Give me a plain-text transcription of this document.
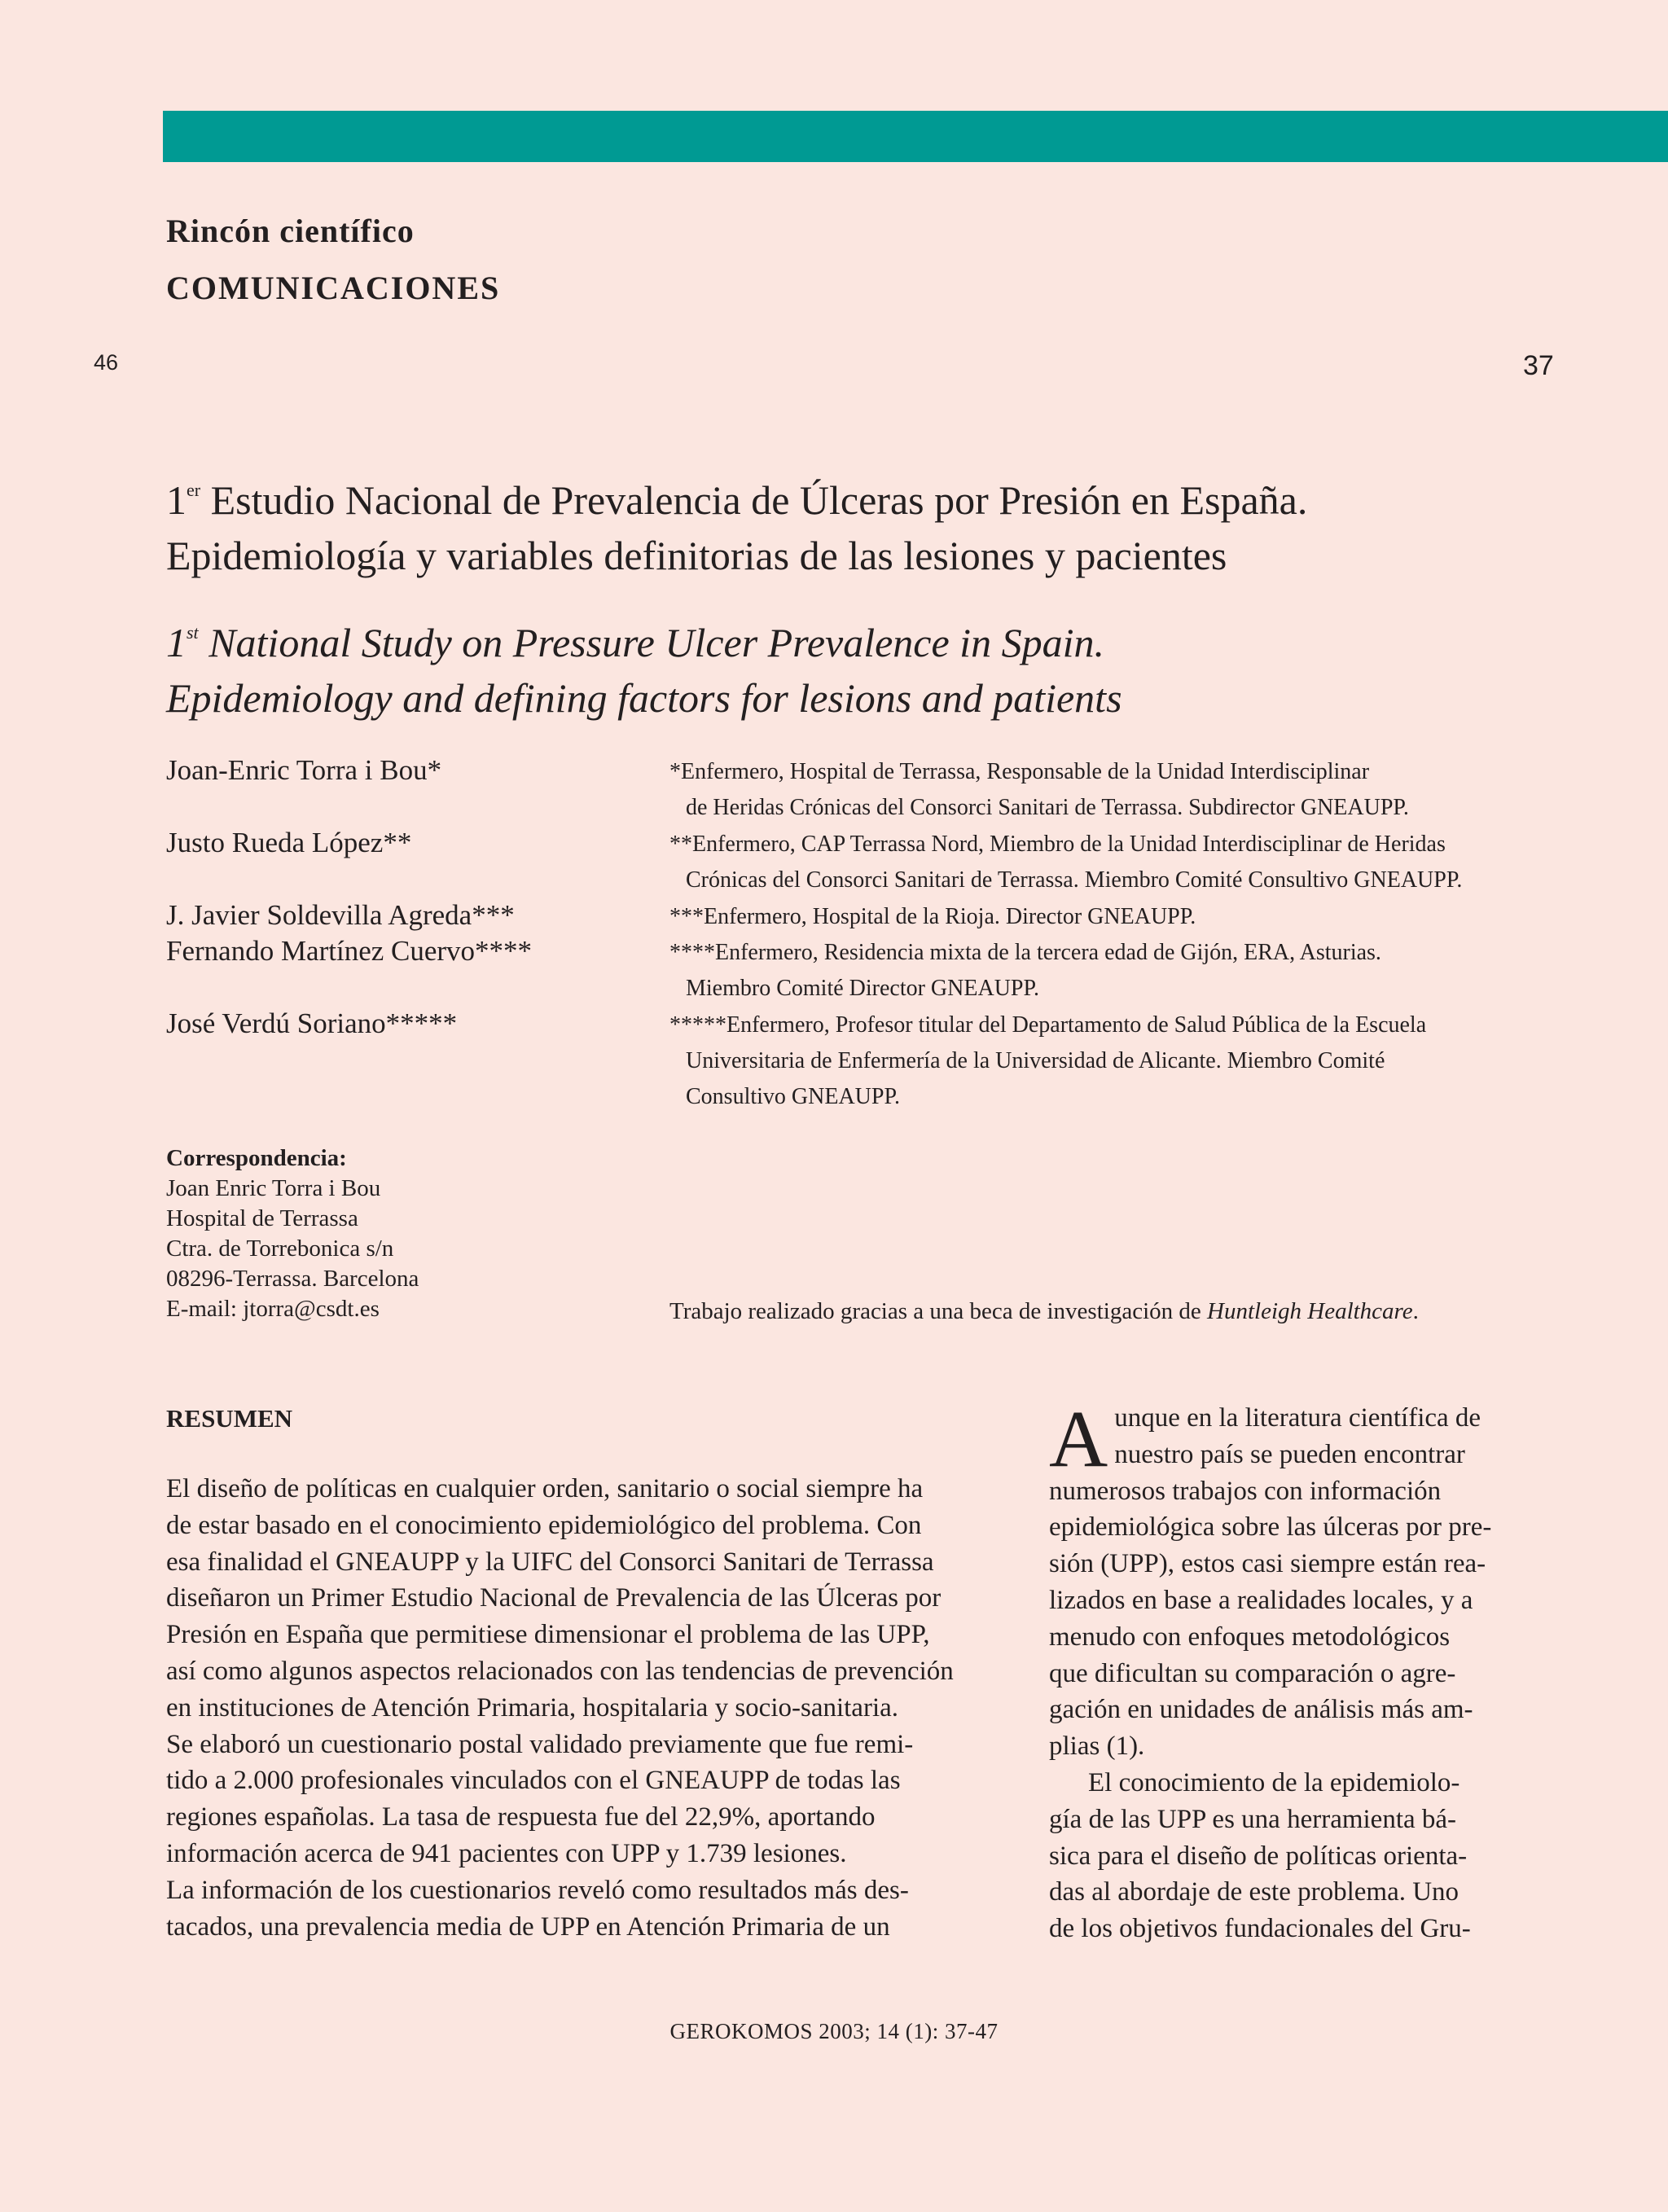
Rincón científico
COMUNICACIONES
46	37
1er Estudio Nacional de Prevalencia de Úlceras por Presión en España.
Epidemiología y variables definitorias de las lesiones y pacientes
1st National Study on Pressure Ulcer Prevalence in Spain.
Epidemiology and defining factors for lesions and patients
Joan-Enric Torra i Bou*
Justo Rueda López**
J. Javier Soldevilla Agreda***
Fernando Martínez Cuervo****
José Verdú Soriano*****
*Enfermero, Hospital de Terrassa, Responsable de la Unidad Interdisciplinar
de Heridas Crónicas del Consorci Sanitari de Terrassa. Subdirector GNEAUPP.
**Enfermero, CAP Terrassa Nord, Miembro de la Unidad Interdisciplinar de Heridas
Crónicas del Consorci Sanitari de Terrassa. Miembro Comité Consultivo GNEAUPP.
***Enfermero, Hospital de la Rioja. Director GNEAUPP.
****Enfermero, Residencia mixta de la tercera edad de Gijón, ERA, Asturias.
Miembro Comité Director GNEAUPP.
*****Enfermero, Profesor titular del Departamento de Salud Pública de la Escuela
Universitaria de Enfermería de la Universidad de Alicante. Miembro Comité
Consultivo GNEAUPP.
Correspondencia:
Joan Enric Torra i Bou
Hospital de Terrassa
Ctra. de Torrebonica s/n
08296-Terrassa. Barcelona
E-mail: jtorra@csdt.es	Trabajo realizado gracias a una beca de investigación de Huntleigh Healthcare.
RESUMEN

El diseño de políticas en cualquier orden, sanitario o social siempre ha

de estar basado en el conocimiento epidemiológico del problema. Con

esa finalidad el GNEAUPP y la UIFC del Consorci Sanitari de Terrassa

diseñaron un Primer Estudio Nacional de Prevalencia de las Úlceras por

Presión en España que permitiese dimensionar el problema de las UPP,

así como algunos aspectos relacionados con las tendencias de prevención

en instituciones de Atención Primaria, hospitalaria y socio-sanitaria.

Se elaboró un cuestionario postal validado previamente que fue remi-

tido a 2.000 profesionales vinculados con el GNEAUPP de todas las

regiones españolas. La tasa de respuesta fue del 22,9%, aportando

información acerca de 941 pacientes con UPP y 1.739 lesiones.

La información de los cuestionarios reveló como resultados más des-

tacados, una prevalencia media de UPP en Atención Primaria de un

A unque en la literatura científica de

nuestro país se pueden encontrar

numerosos trabajos con información

epidemiológica sobre las úlceras por pre-

sión (UPP), estos casi siempre están rea-

lizados en base a realidades locales, y a

menudo con enfoques metodológicos

que dificultan su comparación o agre-

gación en unidades de análisis más am-

plias (1).

El conocimiento de la epidemiolo-

gía de las UPP es una herramienta bá-

sica para el diseño de políticas orienta-

das al abordaje de este problema. Uno

de los objetivos fundacionales del Gru-

GEROKOMOS 2003; 14 (1): 37-47
